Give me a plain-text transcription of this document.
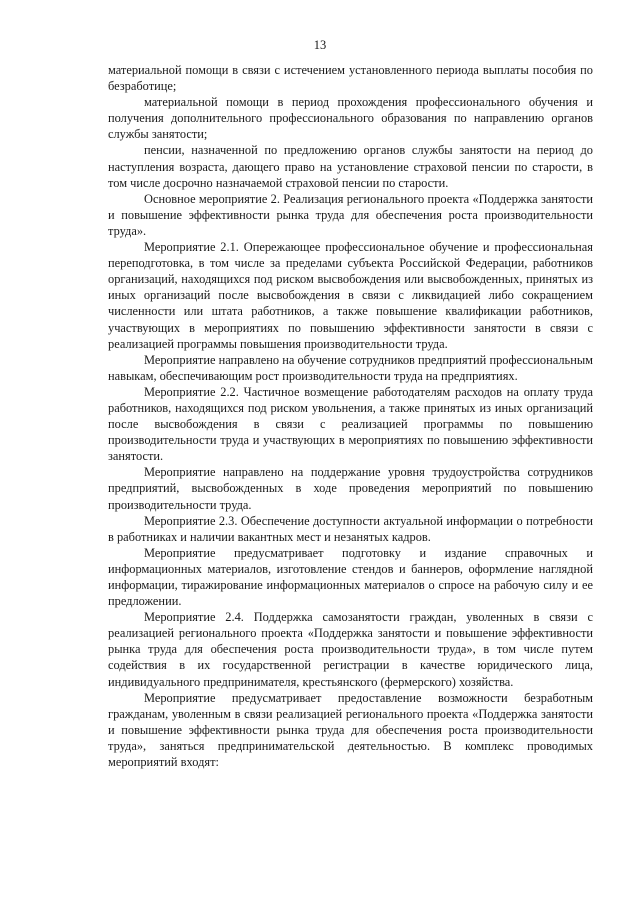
13

материальной помощи в связи с истечением установленного периода выплаты пособия по безработице;

материальной помощи в период прохождения профессионального обучения и получения дополнительного профессионального образования по направлению органов службы занятости;

пенсии, назначенной по предложению органов службы занятости на период до наступления возраста, дающего право на установление страховой пенсии по старости, в том числе досрочно назначаемой страховой пенсии по старости.

Основное мероприятие 2. Реализация регионального проекта «Поддержка занятости и повышение эффективности рынка труда для обеспечения роста производительности труда».

Мероприятие 2.1. Опережающее профессиональное обучение и профессиональная переподготовка, в том числе за пределами субъекта Российской Федерации, работников организаций, находящихся под риском высвобождения или высвобожденных, принятых из иных организаций после высвобождения в связи с ликвидацией либо сокращением численности или штата работников, а также повышение квалификации работников, участвующих в мероприятиях по повышению эффективности занятости в связи с реализацией программы повышения производительности труда.

Мероприятие направлено на обучение сотрудников предприятий профессиональным навыкам, обеспечивающим рост производительности труда на предприятиях.

Мероприятие 2.2. Частичное возмещение работодателям расходов на оплату труда работников, находящихся под риском увольнения, а также принятых из иных организаций после высвобождения в связи с реализацией программы по повышению производительности труда и участвующих в мероприятиях по повышению эффективности занятости.

Мероприятие направлено на поддержание уровня трудоустройства сотрудников предприятий, высвобожденных в ходе проведения мероприятий по повышению производительности труда.

Мероприятие 2.3. Обеспечение доступности актуальной информации о потребности в работниках и наличии вакантных мест и незанятых кадров.

Мероприятие предусматривает подготовку и издание справочных и информационных материалов, изготовление стендов и баннеров, оформление наглядной информации, тиражирование информационных материалов о спросе на рабочую силу и ее предложении.

Мероприятие 2.4. Поддержка самозанятости граждан, уволенных в связи с реализацией регионального проекта «Поддержка занятости и повышение эффективности рынка труда для обеспечения роста производительности труда», в том числе путем содействия в их государственной регистрации в качестве юридического лица, индивидуального предпринимателя, крестьянского (фермерского) хозяйства.

Мероприятие предусматривает предоставление возможности безработным гражданам, уволенным в связи реализацией регионального проекта «Поддержка занятости и повышение эффективности рынка труда для обеспечения роста производительности труда», заняться предпринимательской деятельностью. В комплекс проводимых мероприятий входят:
